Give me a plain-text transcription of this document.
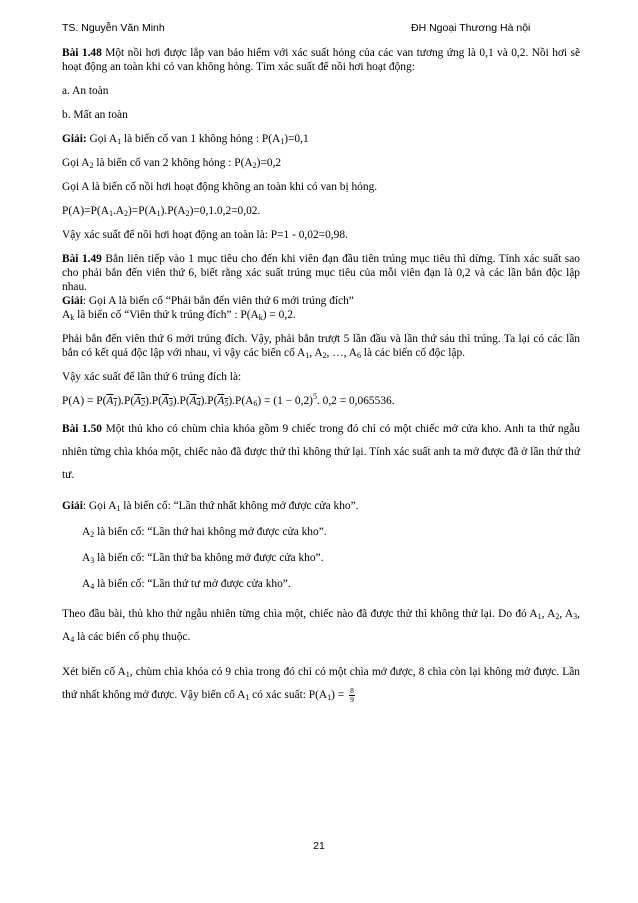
TS. Nguyễn Văn Minh	ĐH Ngoại Thương Hà nội

Bài 1.48 Một nồi hơi được lắp van bảo hiểm với xác suất hỏng của các van tương ứng là 0,1 và 0,2. Nồi hơi sẽ hoạt động an toàn khi có van không hỏng. Tìm xác suất để nồi hơi hoạt động:

a. An toàn

b. Mất an toàn

Giải: Gọi $A_1$ là biến cố van 1 không hỏng : $P(A_1)=0,1$

Gọi $A_2$ là biến cố van 2 không hỏng : $P(A_2)=0,2$

Gọi A là biến cố nồi hơi hoạt động không an toàn khi có van bị hỏng.

$P(A)=P(A_1.A_2)=P(A_1).P(A_2)=0,1.0,2=0,02$.

Vậy xác suất để nồi hơi hoạt động an toàn là: P=1 - 0,02=0,98.

Bài 1.49 Bắn liên tiếp vào 1 mục tiêu cho đến khi viên đạn đầu tiên trúng mục tiêu thì dừng. Tính xác suất sao cho phải bắn đến viên thứ 6, biết rằng xác suất trúng mục tiêu của mỗi viên đạn là 0,2 và các lần bắn độc lập nhau.

Giải: Gọi A là biến cố “Phải bắn đến viên thứ 6 mới trúng đích”

$A_k$ là biến cố “Viên thứ k trúng đích” : $P(A_k) = 0,2$.

Phải bắn đến viên thứ 6 mới trúng đích. Vậy, phải bắn trượt 5 lần đầu và lần thứ sáu thì trúng. Ta lại có các lần bắn có kết quả độc lập với nhau, vì vậy các biến cố $A_1$, $A_2$, …, $A_6$ là các biến cố độc lập.

Vậy xác suất để lần thứ 6 trúng đích là:

$P(A) = P(A_1).P(A_2).P(A_3).P(A_4).P(A_5).P(A_6) = (1 - 0,2)^5$. 0,2 = 0,065536.

Bài 1.50 Một thủ kho có chùm chìa khóa gồm 9 chiếc trong đó chỉ có một chiếc mở cửa kho. Anh ta thử ngẫu nhiên từng chìa khóa một, chiếc nào đã được thử thì không thử lại. Tính xác suất anh ta mở được đã ở lần thử thứ tư.

Giải: Gọi $A_1$ là biến cố: “Lần thứ nhất không mở được cửa kho”.

$A_2$ là biến cố: “Lần thứ hai không mở được cửa kho”.

$A_3$ là biến cố: “Lần thứ ba không mở được cửa kho”.

$A_4$ là biến cố: “Lần thứ tư mở được cửa kho”.

Theo đầu bài, thủ kho thử ngẫu nhiên từng chìa một, chiếc nào đã được thử thì không thử lại. Do đó $A_1$, $A_2$, $A_3$, $A_4$ là các biến cố phụ thuộc.

Xét biến cố $A_1$, chùm chìa khóa có 9 chìa trong đó chỉ có một chìa mở được, 8 chìa còn lại không mở được. Lần thứ nhất không mở được. Vậy biến cố $A_1$ có xác suất: $P(A_1) = \frac{8}{9}$

21
